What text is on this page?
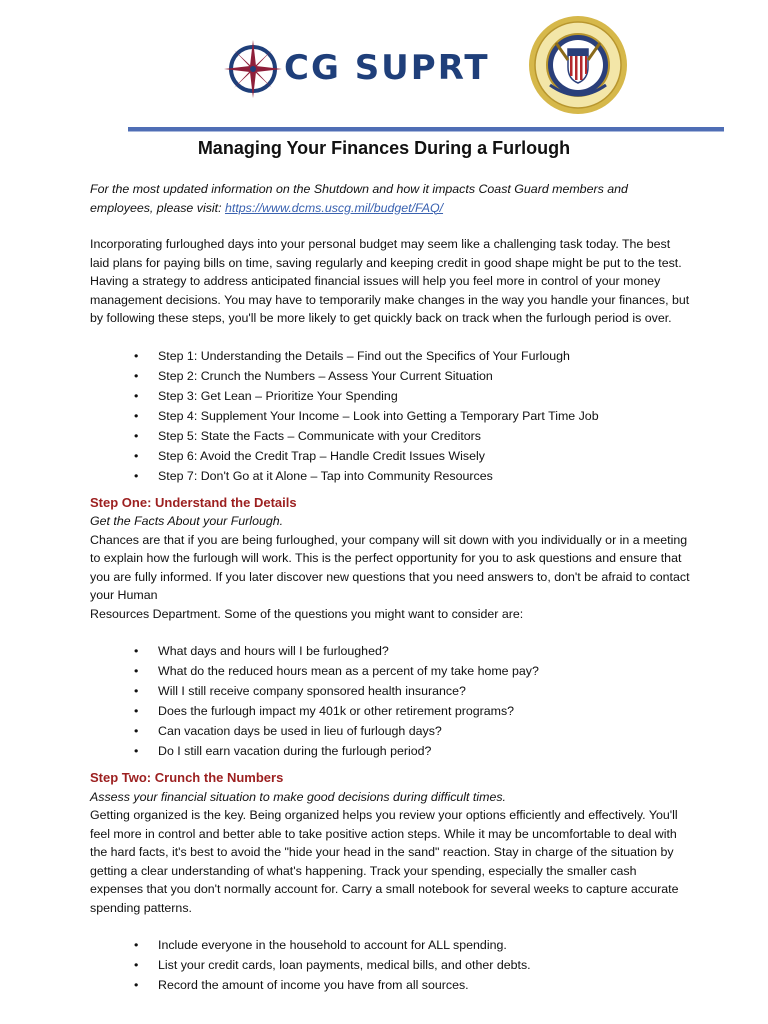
CG SUPRT
Managing Your Finances During a Furlough

For the most updated information on the Shutdown and how it impacts Coast Guard members and employees, please visit: https://www.dcms.uscg.mil/budget/FAQ/

Incorporating furloughed days into your personal budget may seem like a challenging task today. The best laid plans for paying bills on time, saving regularly and keeping credit in good shape might be put to the test. Having a strategy to address anticipated financial issues will help you feel more in control of your money management decisions. You may have to temporarily make changes in the way you handle your finances, but by following these steps, you'll be more likely to get quickly back on track when the furlough period is over.

• Step 1: Understanding the Details – Find out the Specifics of Your Furlough
• Step 2: Crunch the Numbers – Assess Your Current Situation
• Step 3: Get Lean – Prioritize Your Spending
• Step 4: Supplement Your Income – Look into Getting a Temporary Part Time Job
• Step 5: State the Facts – Communicate with your Creditors
• Step 6: Avoid the Credit Trap – Handle Credit Issues Wisely
• Step 7: Don't Go at it Alone – Tap into Community Resources
Step One: Understand the Details

Get the Facts About your Furlough.

Chances are that if you are being furloughed, your company will sit down with you individually or in a meeting to explain how the furlough will work. This is the perfect opportunity for you to ask questions and ensure that you are fully informed. If you later discover new questions that you need answers to, don't be afraid to contact your Human

Resources Department. Some of the questions you might want to consider are:

• What days and hours will I be furloughed?
• What do the reduced hours mean as a percent of my take home pay?
• Will I still receive company sponsored health insurance?
• Does the furlough impact my 401k or other retirement programs?
• Can vacation days be used in lieu of furlough days?
• Do I still earn vacation during the furlough period?
Step Two: Crunch the Numbers

Assess your financial situation to make good decisions during difficult times.

Getting organized is the key. Being organized helps you review your options efficiently and effectively. You'll feel more in control and better able to take positive action steps. While it may be uncomfortable to deal with the hard facts, it's best to avoid the "hide your head in the sand" reaction. Stay in charge of the situation by getting a clear understanding of what's happening. Track your spending, especially the smaller cash expenses that you don't normally account for. Carry a small notebook for several weeks to capture accurate spending patterns.

• Include everyone in the household to account for ALL spending.
• List your credit cards, loan payments, medical bills, and other debts.
• Record the amount of income you have from all sources.
